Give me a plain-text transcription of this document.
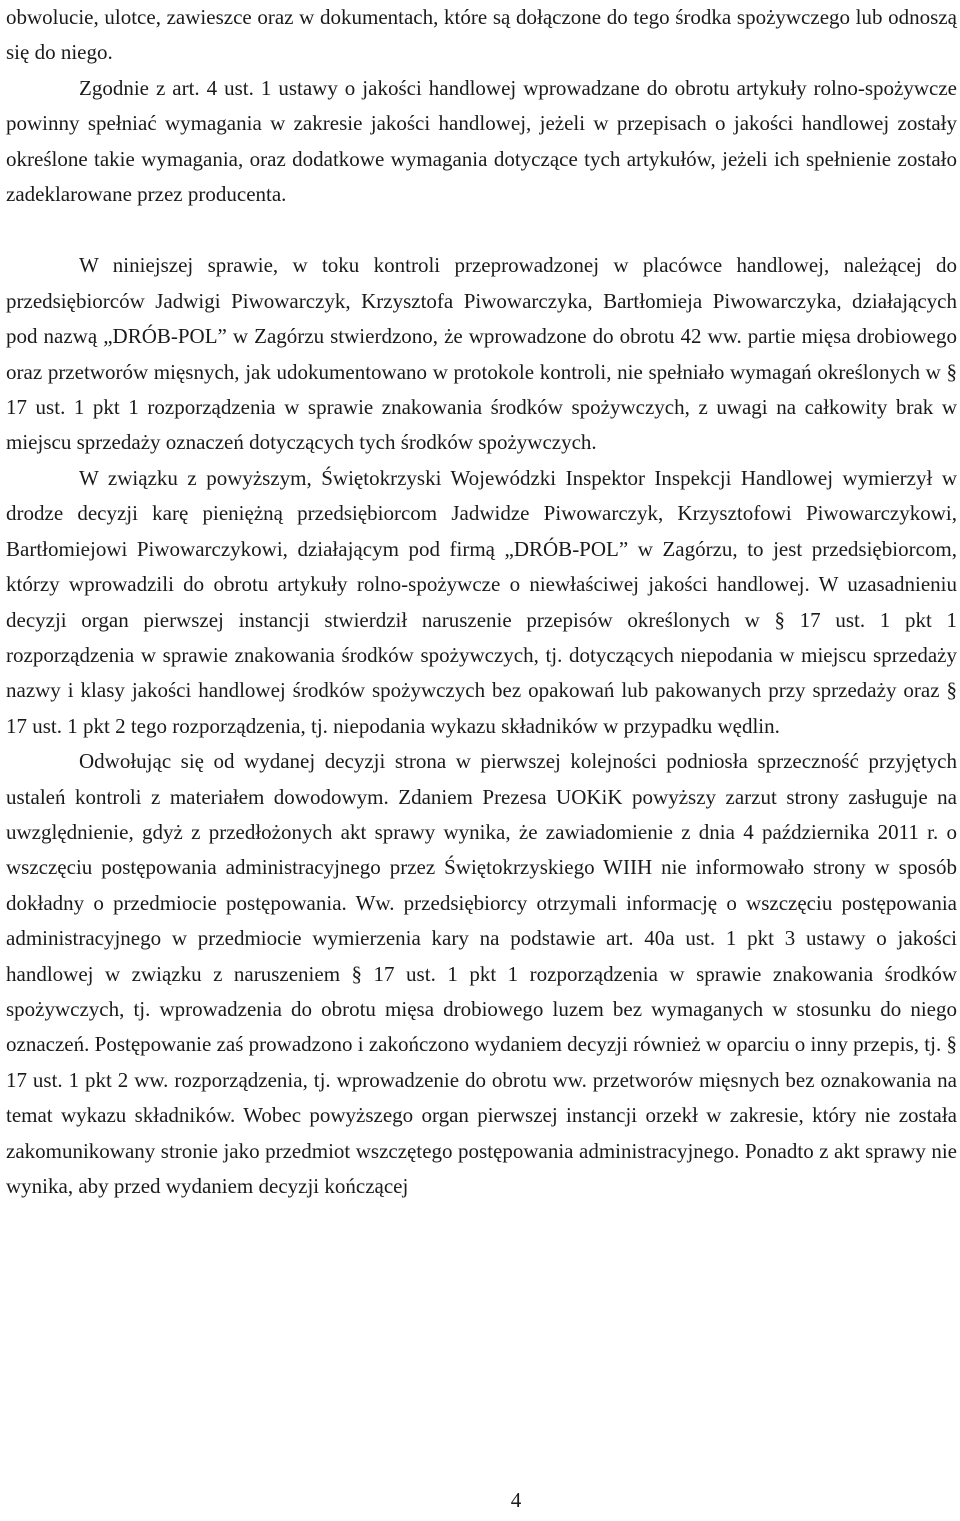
obwolucie, ulotce, zawieszce oraz w dokumentach, które są dołączone do tego środka spożywczego lub odnoszą się do niego.

Zgodnie z art. 4 ust. 1 ustawy o jakości handlowej wprowadzane do obrotu artykuły rolno-spożywcze powinny spełniać wymagania w zakresie jakości handlowej, jeżeli w przepisach o jakości handlowej zostały określone takie wymagania, oraz dodatkowe wymagania dotyczące tych artykułów, jeżeli ich spełnienie zostało zadeklarowane przez producenta.

W niniejszej sprawie, w toku kontroli przeprowadzonej w placówce handlowej, należącej do przedsiębiorców Jadwigi Piwowarczyk, Krzysztofa Piwowarczyka, Bartłomieja Piwowarczyka, działających pod nazwą „DRÓB-POL” w Zagórzu stwierdzono, że wprowadzone do obrotu 42 ww. partie mięsa drobiowego oraz przetworów mięsnych, jak udokumentowano w protokole kontroli, nie spełniało wymagań określonych w § 17 ust. 1 pkt 1 rozporządzenia w sprawie znakowania środków spożywczych, z uwagi na całkowity brak w miejscu sprzedaży oznaczeń dotyczących tych środków spożywczych.

W związku z powyższym, Świętokrzyski Wojewódzki Inspektor Inspekcji Handlowej wymierzył w drodze decyzji karę pieniężną przedsiębiorcom Jadwidze Piwowarczyk, Krzysztofowi Piwowarczykowi, Bartłomiejowi Piwowarczykowi, działającym pod firmą „DRÓB-POL” w Zagórzu, to jest przedsiębiorcom, którzy wprowadzili do obrotu artykuły rolno-spożywcze o niewłaściwej jakości handlowej. W uzasadnieniu decyzji organ pierwszej instancji stwierdził naruszenie przepisów określonych w § 17 ust. 1 pkt 1 rozporządzenia w sprawie znakowania środków spożywczych, tj. dotyczących niepodania w miejscu sprzedaży nazwy i klasy jakości handlowej środków spożywczych bez opakowań lub pakowanych przy sprzedaży oraz § 17 ust. 1 pkt 2 tego rozporządzenia, tj. niepodania wykazu składników w przypadku wędlin.

Odwołując się od wydanej decyzji strona w pierwszej kolejności podniosła sprzeczność przyjętych ustaleń kontroli z materiałem dowodowym. Zdaniem Prezesa UOKiK powyższy zarzut strony zasługuje na uwzględnienie, gdyż z przedłożonych akt sprawy wynika, że zawiadomienie z dnia 4 października 2011 r. o wszczęciu postępowania administracyjnego przez Świętokrzyskiego WIIH nie informowało strony w sposób dokładny o przedmiocie postępowania. Ww. przedsiębiorcy otrzymali informację o wszczęciu postępowania administracyjnego w przedmiocie wymierzenia kary na podstawie art. 40a ust. 1 pkt 3 ustawy o jakości handlowej w związku z naruszeniem § 17 ust. 1 pkt 1 rozporządzenia w sprawie znakowania środków spożywczych, tj. wprowadzenia do obrotu mięsa drobiowego luzem bez wymaganych w stosunku do niego oznaczeń. Postępowanie zaś prowadzono i zakończono wydaniem decyzji również w oparciu o inny przepis, tj. § 17 ust. 1 pkt 2 ww. rozporządzenia, tj. wprowadzenie do obrotu ww. przetworów mięsnych bez oznakowania na temat wykazu składników. Wobec powyższego organ pierwszej instancji orzekł w zakresie, który nie została zakomunikowany stronie jako przedmiot wszczętego postępowania administracyjnego. Ponadto z akt sprawy nie wynika, aby przed wydaniem decyzji kończącej

4
